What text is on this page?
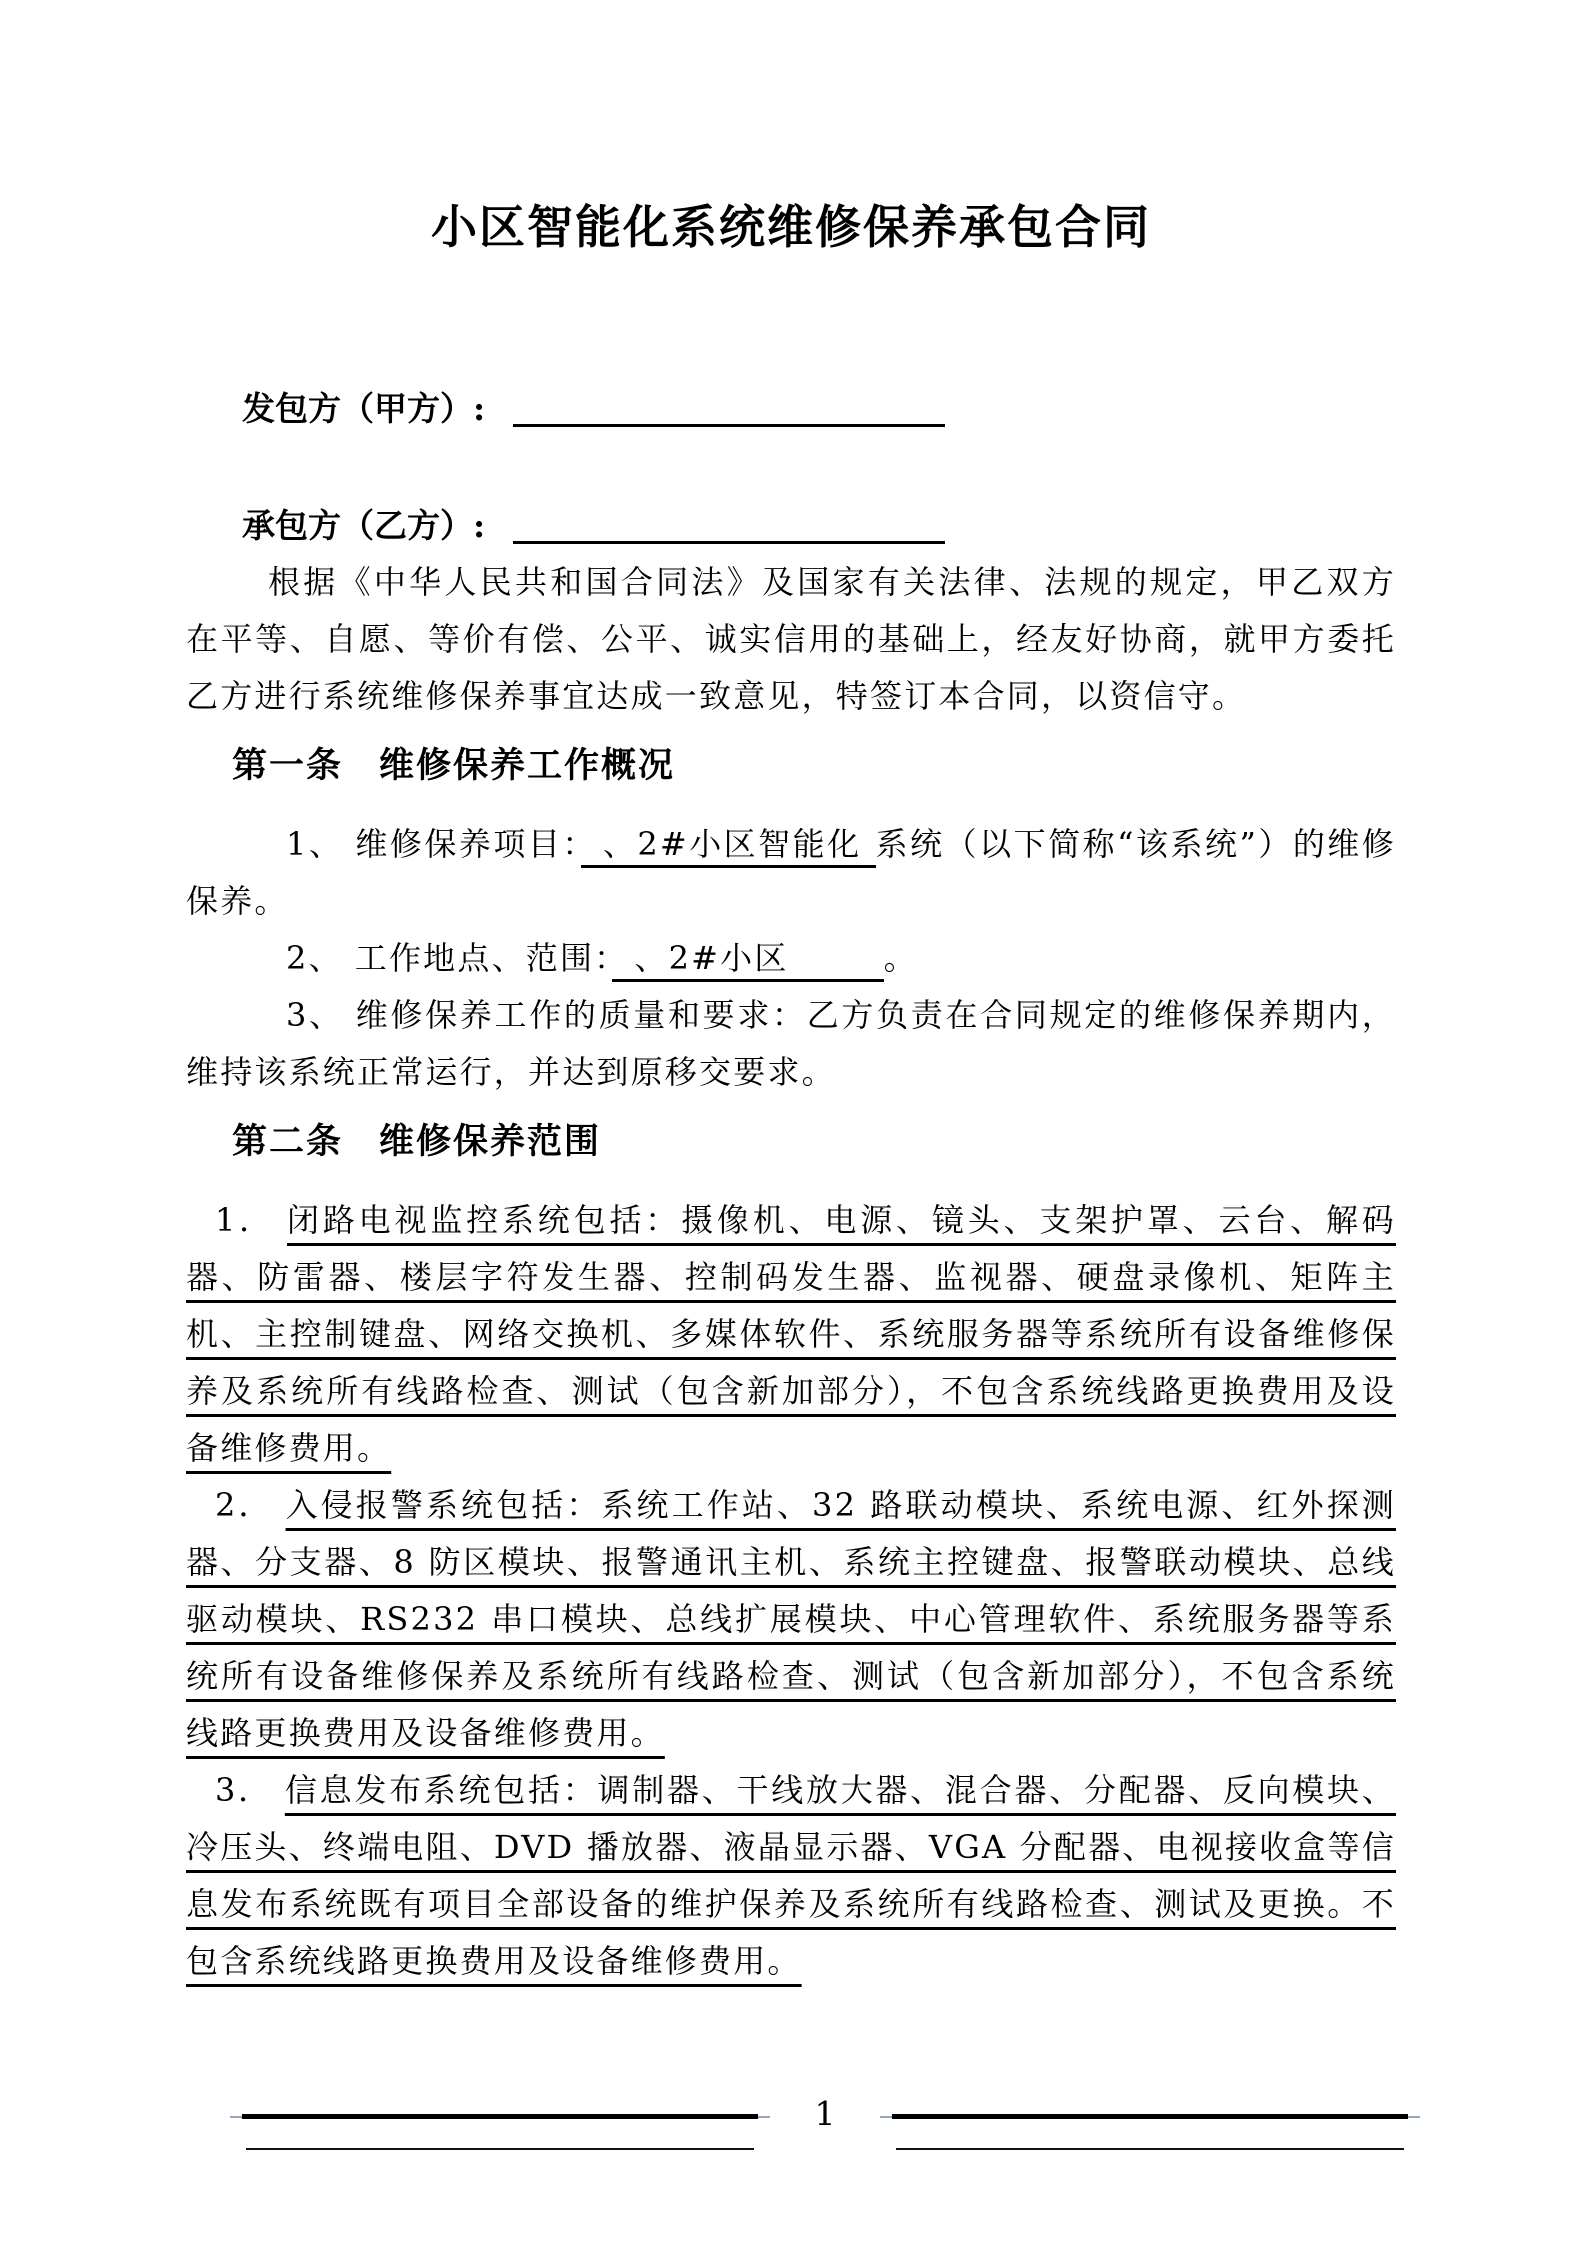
小区智能化系统维修保养承包合同

发包方（甲方）:

承包方（乙方）:

根据《中华人民共和国合同法》及国家有关法律、法规的规定，甲乙双方在平等、自愿、等价有偿、公平、诚实信用的基础上，经友好协商，就甲方委托乙方进行系统维修保养事宜达成一致意见，特签订本合同，以资信守。

第一条 维修保养工作概况

1、 维修保养项目： 、2#小区智能化 系统（以下简称“该系统”）的维修保养。

2、 工作地点、范围： 、2#小区	。

3、 维修保养工作的质量和要求：乙方负责在合同规定的维修保养期内，维持该系统正常运行，并达到原移交要求。

第二条 维修保养范围

1． 闭路电视监控系统包括：摄像机、电源、镜头、支架护罩、云台、解码器、防雷器、楼层字符发生器、控制码发生器、监视器、硬盘录像机、矩阵主机、主控制键盘、网络交换机、多媒体软件、系统服务器等系统所有设备维修保养及系统所有线路检查、测试（包含新加部分），不包含系统线路更换费用及设备维修费用。

2． 入侵报警系统包括：系统工作站、32 路联动模块、系统电源、红外探测器、分支器、8 防区模块、报警通讯主机、系统主控键盘、报警联动模块、总线驱动模块、RS232 串口模块、总线扩展模块、中心管理软件、系统服务器等系统所有设备维修保养及系统所有线路检查、测试（包含新加部分），不包含系统线路更换费用及设备维修费用。

3． 信息发布系统包括：调制器、干线放大器、混合器、分配器、反向模块、冷压头、终端电阻、DVD 播放器、液晶显示器、VGA 分配器、电视接收盒等信息发布系统既有项目全部设备的维护保养及系统所有线路检查、测试及更换。不包含系统线路更换费用及设备维修费用。

1
